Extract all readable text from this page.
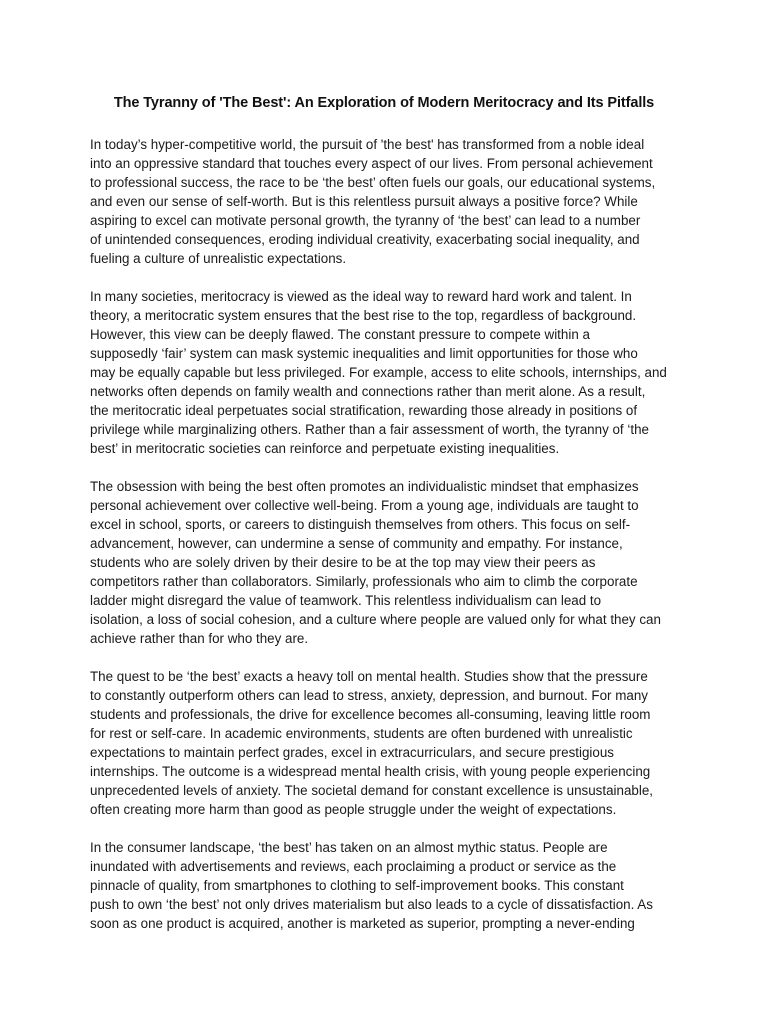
The Tyranny of 'The Best': An Exploration of Modern Meritocracy and Its Pitfalls

In today’s hyper-competitive world, the pursuit of 'the best' has transformed from a noble ideal
into an oppressive standard that touches every aspect of our lives. From personal achievement
to professional success, the race to be ‘the best’ often fuels our goals, our educational systems,
and even our sense of self-worth. But is this relentless pursuit always a positive force? While
aspiring to excel can motivate personal growth, the tyranny of ‘the best’ can lead to a number
of unintended consequences, eroding individual creativity, exacerbating social inequality, and
fueling a culture of unrealistic expectations.

In many societies, meritocracy is viewed as the ideal way to reward hard work and talent. In
theory, a meritocratic system ensures that the best rise to the top, regardless of background.
However, this view can be deeply flawed. The constant pressure to compete within a
supposedly ‘fair’ system can mask systemic inequalities and limit opportunities for those who
may be equally capable but less privileged. For example, access to elite schools, internships, and
networks often depends on family wealth and connections rather than merit alone. As a result,
the meritocratic ideal perpetuates social stratification, rewarding those already in positions of
privilege while marginalizing others. Rather than a fair assessment of worth, the tyranny of ‘the
best’ in meritocratic societies can reinforce and perpetuate existing inequalities.

The obsession with being the best often promotes an individualistic mindset that emphasizes
personal achievement over collective well-being. From a young age, individuals are taught to
excel in school, sports, or careers to distinguish themselves from others. This focus on self-
advancement, however, can undermine a sense of community and empathy. For instance,
students who are solely driven by their desire to be at the top may view their peers as
competitors rather than collaborators. Similarly, professionals who aim to climb the corporate
ladder might disregard the value of teamwork. This relentless individualism can lead to
isolation, a loss of social cohesion, and a culture where people are valued only for what they can
achieve rather than for who they are.

The quest to be ‘the best’ exacts a heavy toll on mental health. Studies show that the pressure
to constantly outperform others can lead to stress, anxiety, depression, and burnout. For many
students and professionals, the drive for excellence becomes all-consuming, leaving little room
for rest or self-care. In academic environments, students are often burdened with unrealistic
expectations to maintain perfect grades, excel in extracurriculars, and secure prestigious
internships. The outcome is a widespread mental health crisis, with young people experiencing
unprecedented levels of anxiety. The societal demand for constant excellence is unsustainable,
often creating more harm than good as people struggle under the weight of expectations.

In the consumer landscape, ‘the best’ has taken on an almost mythic status. People are
inundated with advertisements and reviews, each proclaiming a product or service as the
pinnacle of quality, from smartphones to clothing to self-improvement books. This constant
push to own ‘the best’ not only drives materialism but also leads to a cycle of dissatisfaction. As
soon as one product is acquired, another is marketed as superior, prompting a never-ending
